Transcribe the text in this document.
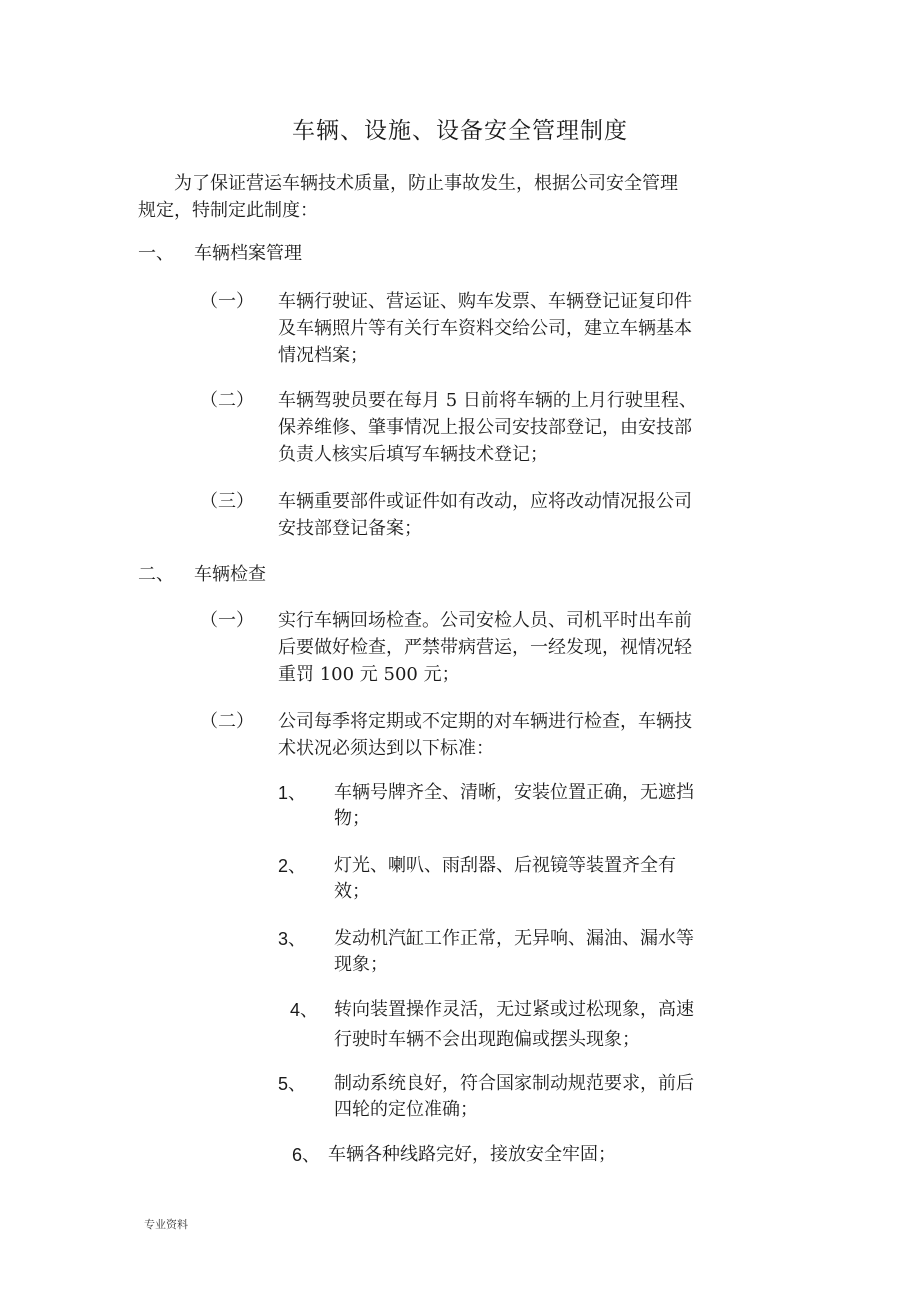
车辆、设施、设备安全管理制度
为了保证营运车辆技术质量，防止事故发生，根据公司安全管理
规定，特制定此制度：
一、 车辆档案管理
（一） 车辆行驶证、营运证、购车发票、车辆登记证复印件
及车辆照片等有关行车资料交给公司，建立车辆基本
情况档案；
（二） 车辆驾驶员要在每月 5 日前将车辆的上月行驶里程、
保养维修、肇事情况上报公司安技部登记，由安技部
负责人核实后填写车辆技术登记；
（三） 车辆重要部件或证件如有改动，应将改动情况报公司
安技部登记备案；
二、 车辆检查
（一） 实行车辆回场检查。公司安检人员、司机平时出车前
后要做好检查，严禁带病营运，一经发现，视情况轻
重罚 100 元 500 元；
（二） 公司每季将定期或不定期的对车辆进行检查，车辆技
术状况必须达到以下标准：
1、 车辆号牌齐全、清晰，安装位置正确，无遮挡
物；
2、 灯光、喇叭、雨刮器、后视镜等装置齐全有
效；
3、 发动机汽缸工作正常，无异响、漏油、漏水等
现象；
4、 转向装置操作灵活，无过紧或过松现象，高速
行驶时车辆不会出现跑偏或摆头现象；
5、 制动系统良好，符合国家制动规范要求，前后
四轮的定位准确；
6、 车辆各种线路完好，接放安全牢固；
专业资料
